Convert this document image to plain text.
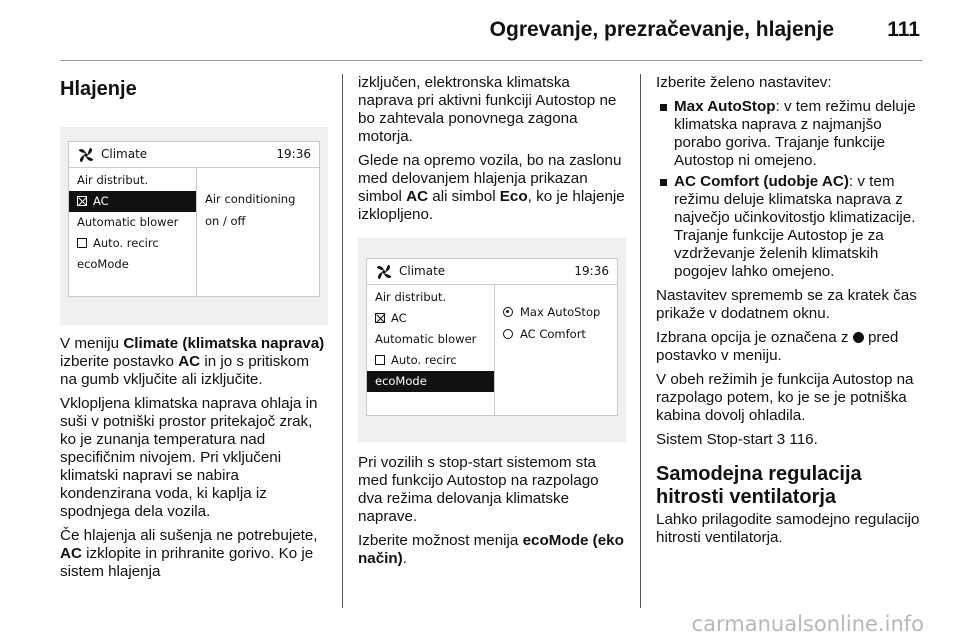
Ogrevanje, prezračevanje, hlajenje	111
Hlajenje
Climate	19:36
Air distribut.
AC
Automatic blower
Auto. recirc
ecoMode
Air conditioning
on / off

V meniju Climate (klimatska naprava) izberite postavko AC in jo s pritiskom na gumb vključite ali izključite.

Vklopljena klimatska naprava ohlaja in suši v potniški prostor pritekajoč zrak, ko je zunanja temperatura nad specifičnim nivojem. Pri vključeni klimatski napravi se nabira kondenzirana voda, ki kaplja iz spodnjega dela vozila.

Če hlajenja ali sušenja ne potrebujete, AC izklopite in prihranite gorivo. Ko je sistem hlajenja

izključen, elektronska klimatska naprava pri aktivni funkciji Autostop ne bo zahtevala ponovnega zagona motorja.

Glede na opremo vozila, bo na zaslonu med delovanjem hlajenja prikazan simbol AC ali simbol Eco, ko je hlajenje izklopljeno.

Climate	19:36
Air distribut.
AC
Automatic blower
Auto. recirc
ecoMode
Max AutoStop
AC Comfort

Pri vozilih s stop-start sistemom sta med funkcijo Autostop na razpolago dva režima delovanja klimatske naprave.

Izberite možnost menija ecoMode (eko način).

Izberite želeno nastavitev:

Max AutoStop: v tem režimu deluje klimatska naprava z najmanjšo porabo goriva. Trajanje funkcije Autostop ni omejeno.
AC Comfort (udobje AC): v tem režimu deluje klimatska naprava z največjo učinkovitostjo klimatizacije. Trajanje funkcije Autostop je za vzdrževanje želenih klimatskih pogojev lahko omejeno.

Nastavitev sprememb se za kratek čas prikaže v dodatnem oknu.

Izbrana opcija je označena z  pred postavko v meniju.

V obeh režimih je funkcija Autostop na razpolago potem, ko je se je potniška kabina dovolj ohladila.

Sistem Stop-start 3 116.

Samodejna regulacija hitrosti ventilatorja

Lahko prilagodite samodejno regulacijo hitrosti ventilatorja.

carmanualsonline.info
